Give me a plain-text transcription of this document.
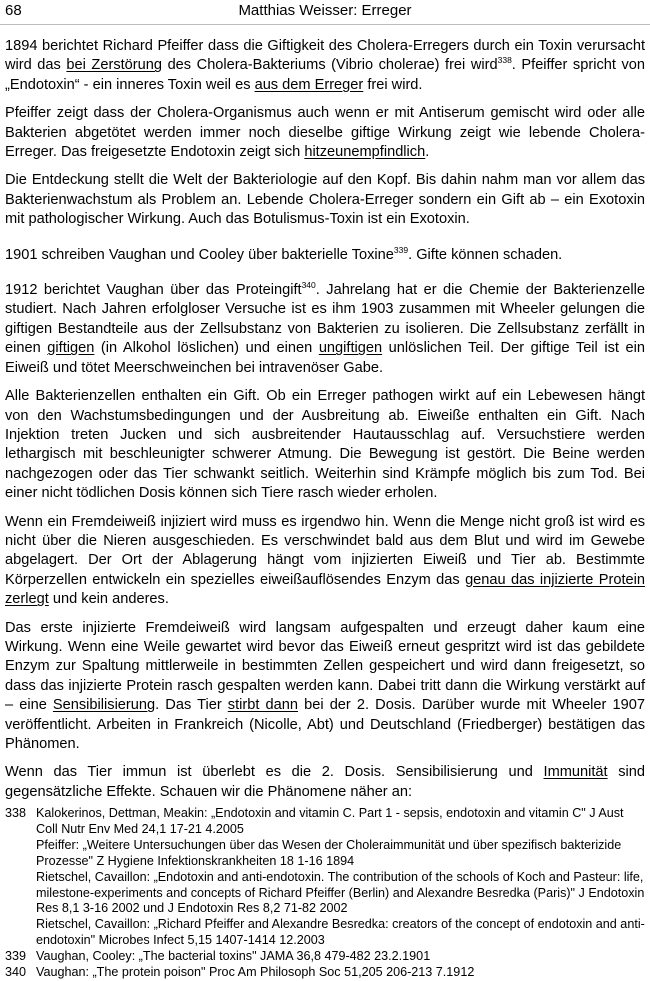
68	Matthias Weisser: Erreger

1894 berichtet Richard Pfeiffer dass die Giftigkeit des Cholera-Erregers durch ein Toxin verursacht wird das bei Zerstörung des Cholera-Bakteriums (Vibrio cholerae) frei wird$^{338}$. Pfeiffer spricht von „Endotoxin“ - ein inneres Toxin weil es aus dem Erreger frei wird.

Pfeiffer zeigt dass der Cholera-Organismus auch wenn er mit Antiserum gemischt wird oder alle Bakterien abgetötet werden immer noch dieselbe giftige Wirkung zeigt wie lebende Cholera-Erreger. Das freigesetzte Endotoxin zeigt sich hitzeunempfindlich.

Die Entdeckung stellt die Welt der Bakteriologie auf den Kopf. Bis dahin nahm man vor allem das Bakterienwachstum als Problem an. Lebende Cholera-Erreger sondern ein Gift ab – ein Exotoxin mit pathologischer Wirkung. Auch das Botulismus-Toxin ist ein Exotoxin.

1901 schreiben Vaughan und Cooley über bakterielle Toxine$^{339}$. Gifte können schaden.

1912 berichtet Vaughan über das Proteingift$^{340}$. Jahrelang hat er die Chemie der Bakterienzelle studiert. Nach Jahren erfolgloser Versuche ist es ihm 1903 zusammen mit Wheeler gelungen die giftigen Bestandteile aus der Zellsubstanz von Bakterien zu isolieren. Die Zellsubstanz zerfällt in einen giftigen (in Alkohol löslichen) und einen ungiftigen unlöslichen Teil. Der giftige Teil ist ein Eiweiß und tötet Meerschweinchen bei intravenöser Gabe.

Alle Bakterienzellen enthalten ein Gift. Ob ein Erreger pathogen wirkt auf ein Lebewesen hängt von den Wachstumsbedingungen und der Ausbreitung ab. Eiweiße enthalten ein Gift. Nach Injektion treten Jucken und sich ausbreitender Hautausschlag auf. Versuchstiere werden lethargisch mit beschleunigter schwerer Atmung. Die Bewegung ist gestört. Die Beine werden nachgezogen oder das Tier schwankt seitlich. Weiterhin sind Krämpfe möglich bis zum Tod. Bei einer nicht tödlichen Dosis können sich Tiere rasch wieder erholen.

Wenn ein Fremdeiweiß injiziert wird muss es irgendwo hin. Wenn die Menge nicht groß ist wird es nicht über die Nieren ausgeschieden. Es verschwindet bald aus dem Blut und wird im Gewebe abgelagert. Der Ort der Ablagerung hängt vom injizierten Eiweiß und Tier ab. Bestimmte Körperzellen entwickeln ein spezielles eiweißauflösendes Enzym das genau das injizierte Protein zerlegt und kein anderes.

Das erste injizierte Fremdeiweiß wird langsam aufgespalten und erzeugt daher kaum eine Wirkung. Wenn eine Weile gewartet wird bevor das Eiweiß erneut gespritzt wird ist das gebildete Enzym zur Spaltung mittlerweile in bestimmten Zellen gespeichert und wird dann freigesetzt, so dass das injizierte Protein rasch gespalten werden kann. Dabei tritt dann die Wirkung verstärkt auf – eine Sensibilisierung. Das Tier stirbt dann bei der 2. Dosis. Darüber wurde mit Wheeler 1907 veröffentlicht. Arbeiten in Frankreich (Nicolle, Abt) und Deutschland (Friedberger) bestätigen das Phänomen.

Wenn das Tier immun ist überlebt es die 2. Dosis. Sensibilisierung und Immunität sind gegensätzliche Effekte. Schauen wir die Phänomene näher an:

338 Kalokerinos, Dettman, Meakin: „Endotoxin and vitamin C. Part 1 - sepsis, endotoxin and vitamin C" J Aust Coll Nutr Env Med 24,1 17-21 4.2005

Pfeiffer: „Weitere Untersuchungen über das Wesen der Choleraimmunität und über spezifisch bakterizide Prozesse" Z Hygiene Infektionskrankheiten 18 1-16 1894

Rietschel, Cavaillon: „Endotoxin and anti-endotoxin. The contribution of the schools of Koch and Pasteur: life, milestone-experiments and concepts of Richard Pfeiffer (Berlin) and Alexandre Besredka (Paris)" J Endotoxin Res 8,1 3-16 2002 und J Endotoxin Res 8,2 71-82 2002

Rietschel, Cavaillon: „Richard Pfeiffer and Alexandre Besredka: creators of the concept of endotoxin and anti-endotoxin" Microbes Infect 5,15 1407-1414 12.2003

339 Vaughan, Cooley: „The bacterial toxins" JAMA 36,8 479-482 23.2.1901

340 Vaughan: „The protein poison" Proc Am Philosoph Soc 51,205 206-213 7.1912
